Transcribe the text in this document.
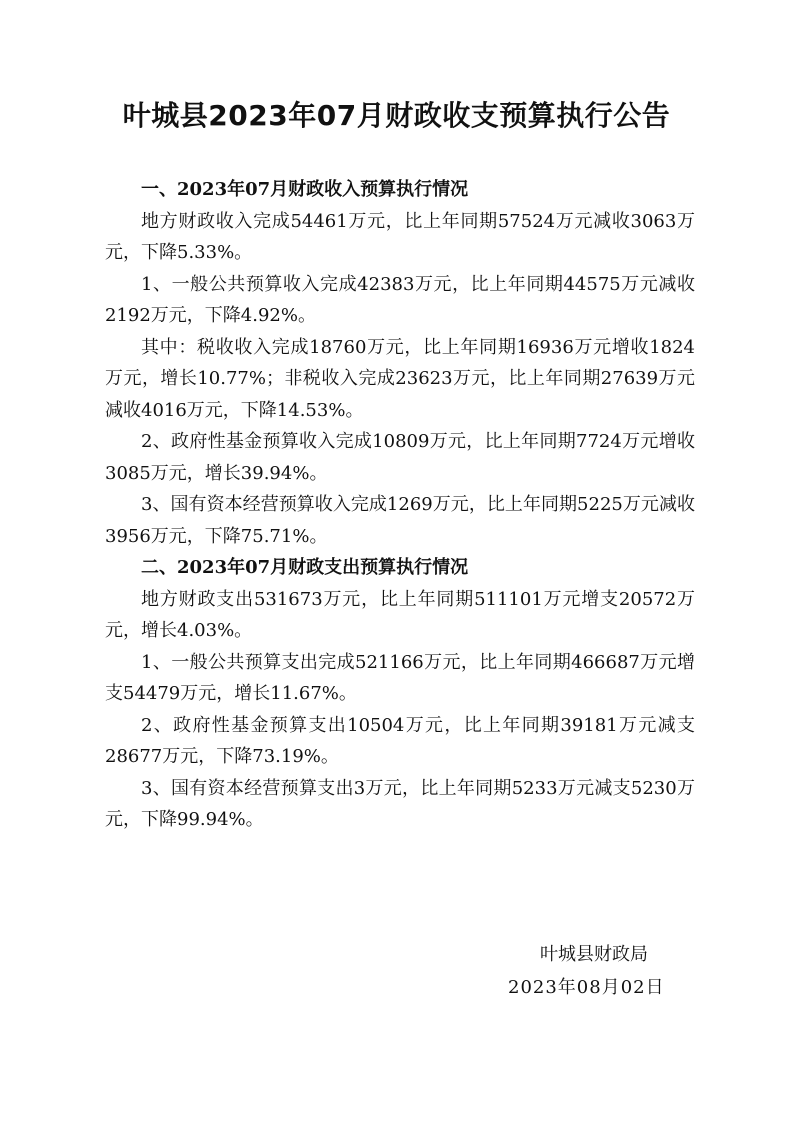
叶城县2023年07月财政收支预算执行公告

一、2023年07月财政收入预算执行情况

地方财政收入完成54461万元，比上年同期57524万元减收3063万元，下降5.33%。

1、一般公共预算收入完成42383万元，比上年同期44575万元减收2192万元，下降4.92%。

其中：税收收入完成18760万元，比上年同期16936万元增收1824万元，增长10.77%；非税收入完成23623万元，比上年同期27639万元减收4016万元，下降14.53%。

2、政府性基金预算收入完成10809万元，比上年同期7724万元增收3085万元，增长39.94%。

3、国有资本经营预算收入完成1269万元，比上年同期5225万元减收3956万元，下降75.71%。

二、2023年07月财政支出预算执行情况

地方财政支出531673万元，比上年同期511101万元增支20572万元，增长4.03%。

1、一般公共预算支出完成521166万元，比上年同期466687万元增支54479万元，增长11.67%。

2、政府性基金预算支出10504万元，比上年同期39181万元减支28677万元，下降73.19%。

3、国有资本经营预算支出3万元，比上年同期5233万元减支5230万元，下降99.94%。

叶城县财政局
2023年08月02日
